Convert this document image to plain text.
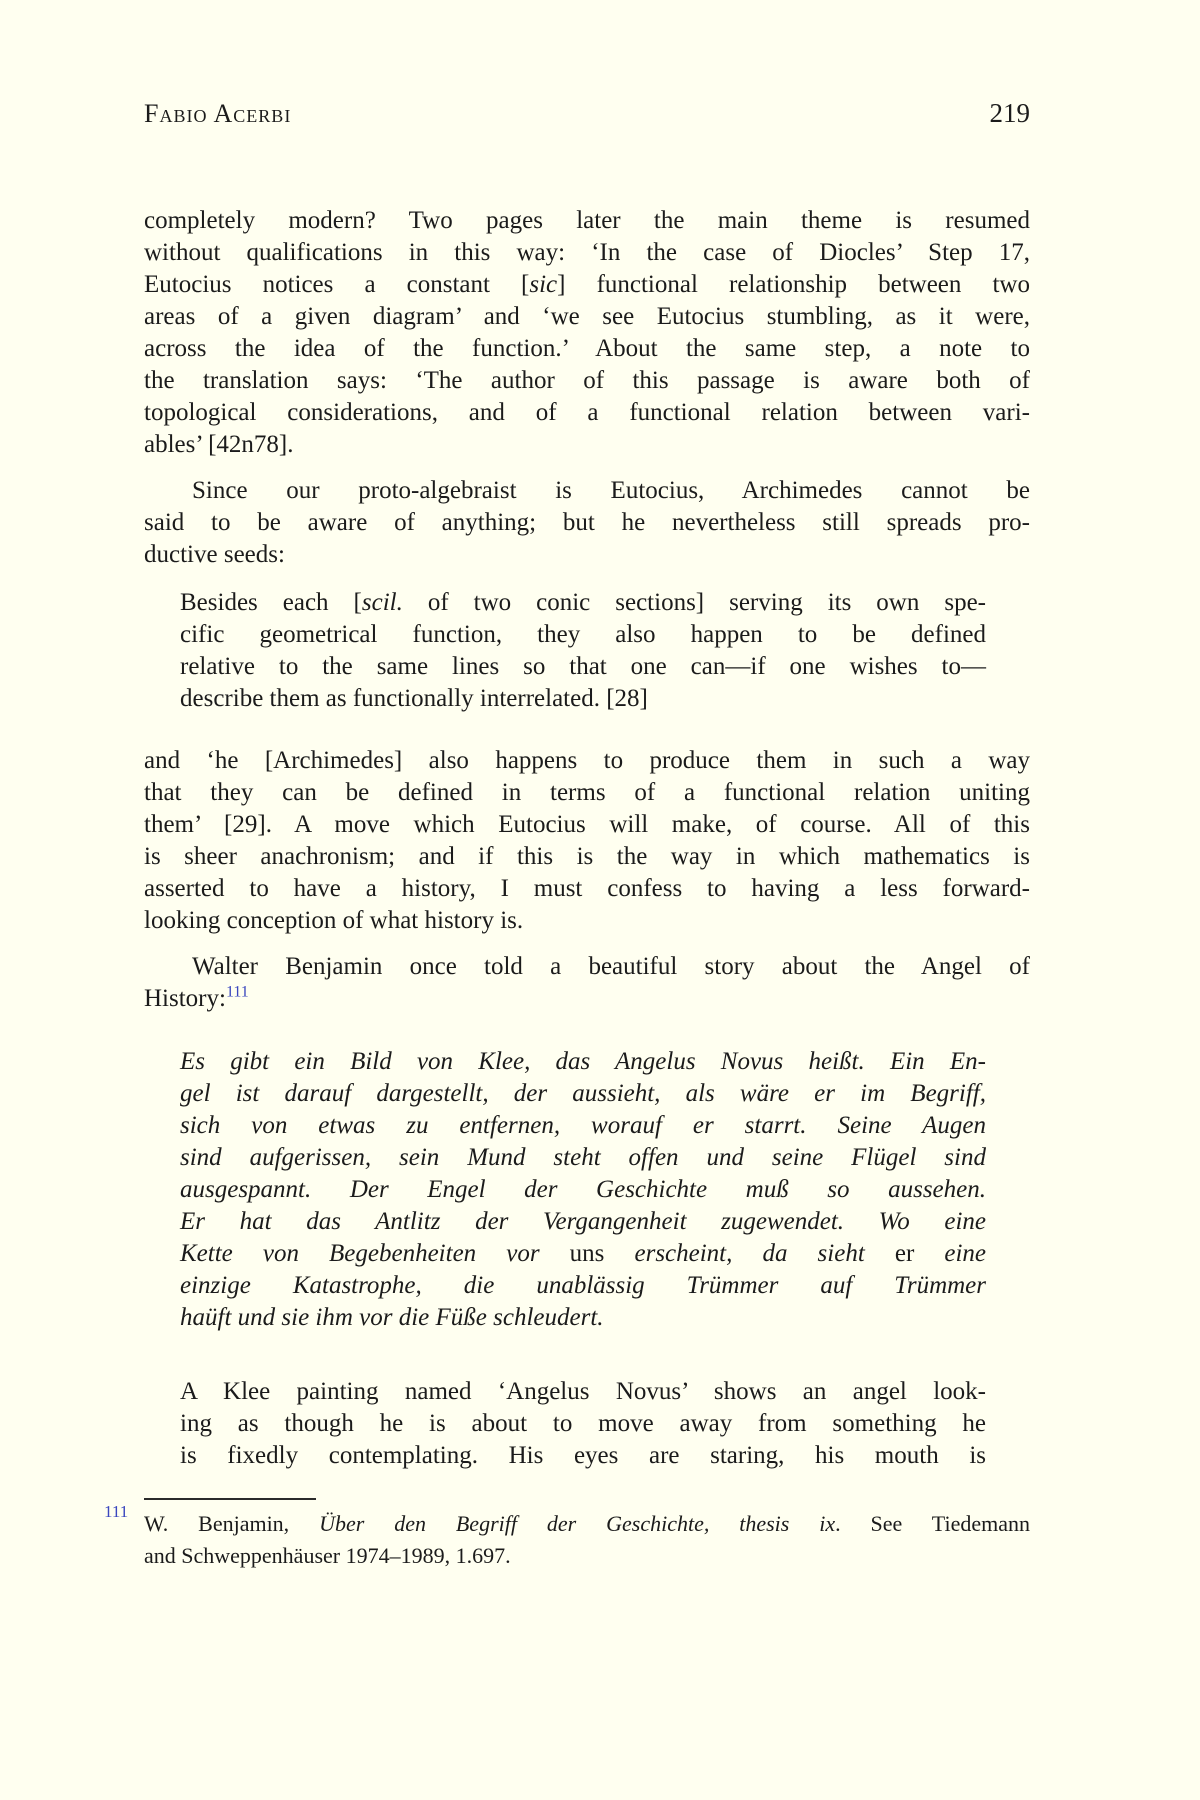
Fabio Acerbi	219
completely modern? Two pages later the main theme is resumed
without qualifications in this way: ‘In the case of Diocles’ Step 17,
Eutocius notices a constant [sic] functional relationship between two
areas of a given diagram’ and ‘we see Eutocius stumbling, as it were,
across the idea of the function.’ About the same step, a note to
the translation says: ‘The author of this passage is aware both of
topological considerations, and of a functional relation between vari-
ables’ [42n78].
Since our proto-algebraist is Eutocius, Archimedes cannot be
said to be aware of anything; but he nevertheless still spreads pro-
ductive seeds:
Besides each [scil. of two conic sections] serving its own spe-
cific geometrical function, they also happen to be defined
relative to the same lines so that one can—if one wishes to—
describe them as functionally interrelated. [28]
and ‘he [Archimedes] also happens to produce them in such a way
that they can be defined in terms of a functional relation uniting
them’ [29]. A move which Eutocius will make, of course. All of this
is sheer anachronism; and if this is the way in which mathematics is
asserted to have a history, I must confess to having a less forward-
looking conception of what history is.
Walter Benjamin once told a beautiful story about the Angel of
History:$^{111}$
Es gibt ein Bild von Klee, das Angelus Novus heißt. Ein En-
gel ist darauf dargestellt, der aussieht, als wäre er im Begriff,
sich von etwas zu entfernen, worauf er starrt. Seine Augen
sind aufgerissen, sein Mund steht offen und seine Flügel sind
ausgespannt. Der Engel der Geschichte muß so aussehen.
Er hat das Antlitz der Vergangenheit zugewendet. Wo eine
Kette von Begebenheiten vor uns erscheint, da sieht er eine
einzige Katastrophe, die unablässig Trümmer auf Trümmer
haüft und sie ihm vor die Füße schleudert.
A Klee painting named ‘Angelus Novus’ shows an angel look-
ing as though he is about to move away from something he
is fixedly contemplating. His eyes are staring, his mouth is
111 W. Benjamin, Über den Begriff der Geschichte, thesis ix. See Tiedemann
and Schweppenhäuser 1974–1989, 1.697.
